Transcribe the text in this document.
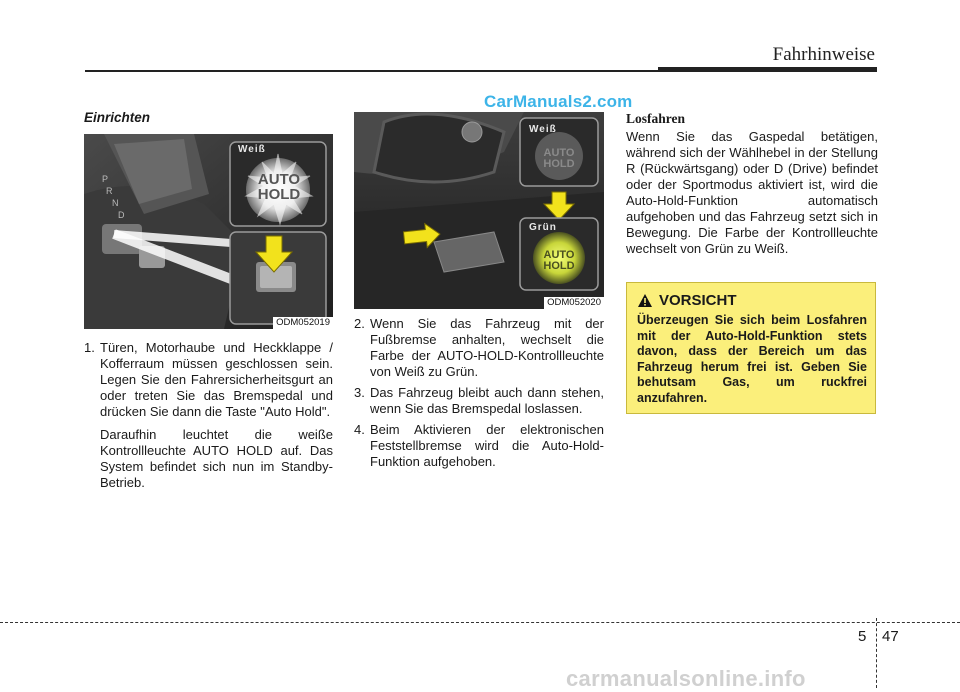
Fahrhinweise
CarManuals2.com
Einrichten
P
R
N
D
Weiß
AUTO HOLD
ODM052019
Weiß
AUTO HOLD
Grün
AUTO HOLD
ODM052020

1. Türen, Motorhaube und Heckklappe / Kofferraum müssen geschlossen sein. Legen Sie den Fahrersicherheitsgurt an oder treten Sie das Bremspedal und drücken Sie dann die Taste "Auto Hold".

Daraufhin leuchtet die weiße Kontrollleuchte AUTO HOLD auf. Das System befindet sich nun im Standby-Betrieb.

2. Wenn Sie das Fahrzeug mit der Fußbremse anhalten, wechselt die Farbe der AUTO-HOLD-Kontrollleuchte von Weiß zu Grün.

3. Das Fahrzeug bleibt auch dann stehen, wenn Sie das Bremspedal loslassen.

4. Beim Aktivieren der elektronischen Feststellbremse wird die Auto-Hold-Funktion aufgehoben.

Losfahren
Wenn Sie das Gaspedal betätigen, während sich der Wählhebel in der Stellung R (Rückwärtsgang) oder D (Drive) befindet oder der Sportmodus aktiviert ist, wird die Auto-Hold-Funktion automatisch aufgehoben und das Fahrzeug setzt sich in Bewegung. Die Farbe der Kontrollleuchte wechselt von Grün zu Weiß.
VORSICHT
Überzeugen Sie sich beim Losfahren mit der Auto-Hold-Funktion stets davon, dass der Bereich um das Fahrzeug herum frei ist. Geben Sie behutsam Gas, um ruckfrei anzufahren.
5 47
carmanualsonline.info
